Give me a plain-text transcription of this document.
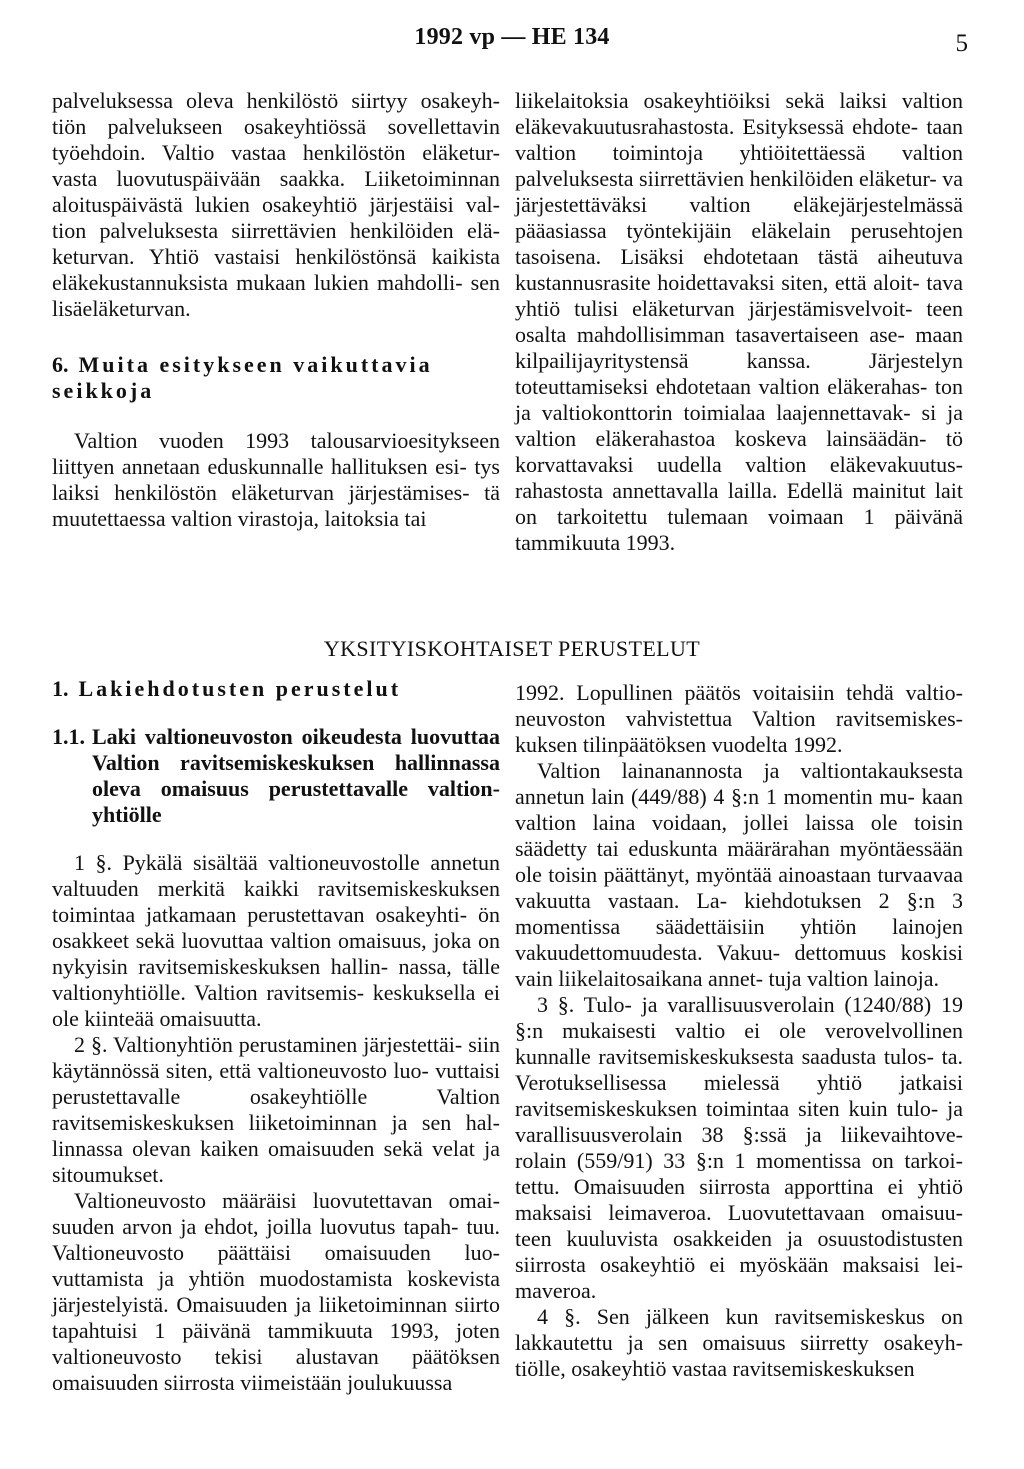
1992 vp — HE 134	5

palveluksessa oleva henkilöstö siirtyy osakeyh- tiön palvelukseen osakeyhtiössä sovellettavin työehdoin. Valtio vastaa henkilöstön eläketur- vasta luovutuspäivään saakka. Liiketoiminnan aloituspäivästä lukien osakeyhtiö järjestäisi val- tion palveluksesta siirrettävien henkilöiden elä- keturvan. Yhtiö vastaisi henkilöstönsä kaikista eläkekustannuksista mukaan lukien mahdolli- sen lisäeläketurvan.

6. Muita esitykseen vaikuttavia seikkoja

Valtion vuoden 1993 talousarvioesitykseen liittyen annetaan eduskunnalle hallituksen esi- tys laiksi henkilöstön eläketurvan järjestämises- tä muutettaessa valtion virastoja, laitoksia tai

liikelaitoksia osakeyhtiöiksi sekä laiksi valtion eläkevakuutusrahastosta. Esityksessä ehdote- taan valtion toimintoja yhtiöitettäessä valtion palveluksesta siirrettävien henkilöiden eläketur- va järjestettäväksi valtion eläkejärjestelmässä pääasiassa työntekijäin eläkelain perusehtojen tasoisena. Lisäksi ehdotetaan tästä aiheutuva kustannusrasite hoidettavaksi siten, että aloit- tava yhtiö tulisi eläketurvan järjestämisvelvoit- teen osalta mahdollisimman tasavertaiseen ase- maan kilpailijayritystensä kanssa. Järjestelyn toteuttamiseksi ehdotetaan valtion eläkerahas- ton ja valtiokonttorin toimialaa laajennettavak- si ja valtion eläkerahastoa koskeva lainsäädän- tö korvattavaksi uudella valtion eläkevakuutus- rahastosta annettavalla lailla. Edellä mainitut lait on tarkoitettu tulemaan voimaan 1 päivänä tammikuuta 1993.

YKSITYISKOHTAISET PERUSTELUT
1. Lakiehdotusten perustelut
1.1. Laki valtioneuvoston oikeudesta luovuttaa Valtion ravitsemiskeskuksen hallinnassa oleva omaisuus perustettavalle valtion- yhtiölle

1 §. Pykälä sisältää valtioneuvostolle annetun valtuuden merkitä kaikki ravitsemiskeskuksen toimintaa jatkamaan perustettavan osakeyhti- ön osakkeet sekä luovuttaa valtion omaisuus, joka on nykyisin ravitsemiskeskuksen hallin- nassa, tälle valtionyhtiölle. Valtion ravitsemis- keskuksella ei ole kiinteää omaisuutta.

2 §. Valtionyhtiön perustaminen järjestettäi- siin käytännössä siten, että valtioneuvosto luo- vuttaisi perustettavalle osakeyhtiölle Valtion ravitsemiskeskuksen liiketoiminnan ja sen hal- linnassa olevan kaiken omaisuuden sekä velat ja sitoumukset.

Valtioneuvosto määräisi luovutettavan omai- suuden arvon ja ehdot, joilla luovutus tapah- tuu. Valtioneuvosto päättäisi omaisuuden luo- vuttamista ja yhtiön muodostamista koskevista järjestelyistä. Omaisuuden ja liiketoiminnan siirto tapahtuisi 1 päivänä tammikuuta 1993, joten valtioneuvosto tekisi alustavan päätöksen omaisuuden siirrosta viimeistään joulukuussa

1992. Lopullinen päätös voitaisiin tehdä valtio- neuvoston vahvistettua Valtion ravitsemiskes- kuksen tilinpäätöksen vuodelta 1992.

Valtion lainanannosta ja valtiontakauksesta annetun lain (449/88) 4 §:n 1 momentin mu- kaan valtion laina voidaan, jollei laissa ole toisin säädetty tai eduskunta määrärahan myöntäessään ole toisin päättänyt, myöntää ainoastaan turvaavaa vakuutta vastaan. La- kiehdotuksen 2 §:n 3 momentissa säädettäisiin yhtiön lainojen vakuudettomuudesta. Vakuu- dettomuus koskisi vain liikelaitosaikana annet- tuja valtion lainoja.

3 §. Tulo- ja varallisuusverolain (1240/88) 19 §:n mukaisesti valtio ei ole verovelvollinen kunnalle ravitsemiskeskuksesta saadusta tulos- ta. Verotuksellisessa mielessä yhtiö jatkaisi ravitsemiskeskuksen toimintaa siten kuin tulo- ja varallisuusverolain 38 §:ssä ja liikevaihtove- rolain (559/91) 33 §:n 1 momentissa on tarkoi- tettu. Omaisuuden siirrosta apporttina ei yhtiö maksaisi leimaveroa. Luovutettavaan omaisuu- teen kuuluvista osakkeiden ja osuustodistusten siirrosta osakeyhtiö ei myöskään maksaisi lei- maveroa.

4 §. Sen jälkeen kun ravitsemiskeskus on lakkautettu ja sen omaisuus siirretty osakeyh- tiölle, osakeyhtiö vastaa ravitsemiskeskuksen
